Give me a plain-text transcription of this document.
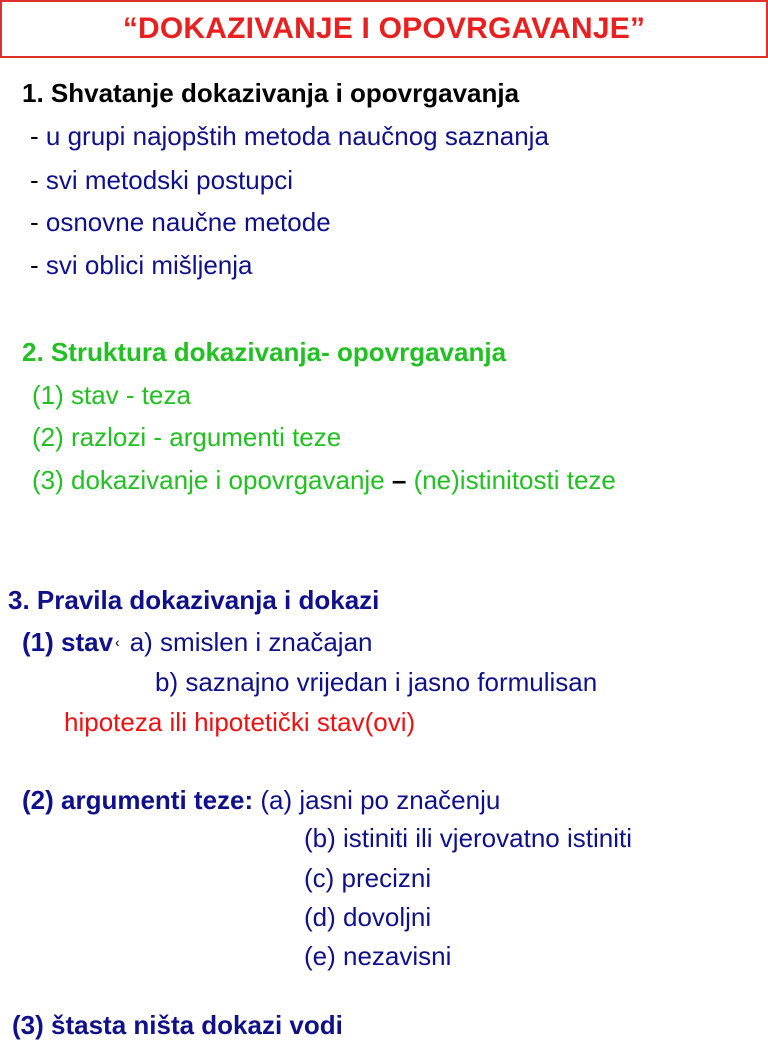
“DOKAZIVANJE I OPOVRGAVANJE”
1. Shvatanje dokazivanja i opovrgavanja
- u grupi najopštih metoda naučnog saznanja
- svi metodski postupci
- osnovne naučne metode
- svi oblici mišljenja
2. Struktura dokazivanja- opovrgavanja
(1) stav - teza
(2) razlozi - argumenti teze
(3) dokazivanje i opovrgavanje – (ne)istinitosti teze
3. Pravila dokazivanja i dokazi
(1) stav ‹ a) smislen i značajan
b) saznajno vrijedan i jasno formulisan
hipoteza ili hipotetički stav(ovi)
(2) argumenti teze: (a) jasni po značenju
(b) istiniti ili vjerovatno istiniti
(c) precizni
(d) dovoljni
(e) nezavisni
(3) štasta ništa dokazi vodi
